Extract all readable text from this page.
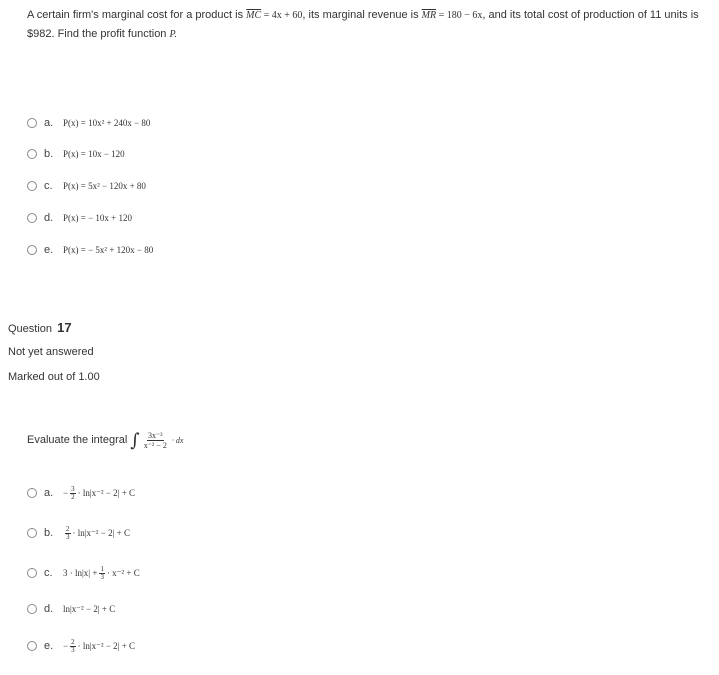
A certain firm's marginal cost for a product is $\overline{MC} = 4x + 60$, its marginal revenue is $\overline{MR} = 180 - 6x$, and its total cost of production of 11 units is $982. Find the profit function P.
a.	P(x) = 10x² + 240x − 80
b.	P(x) = 10x − 120
c.	P(x) = 5x² − 120x + 80
d.	P(x) = − 10x + 120
e.	P(x) = − 5x² + 120x − 80
Question 17
Not yet answered
Marked out of 1.00
Evaluate the integral ∫ $\frac{\text{3x⁻³}}{\text{x⁻² − 2}}$ · dx
a.	− $\frac{3}{2} \cdot \ln|x^{-2} - 2| + C$
b.	$\frac{2}{3} \cdot \ln|x^{-2} - 2| + C$
c.	$3 \cdot \ln|x| + \frac{1}{3} \cdot x^{-2} + C$
d.	ln|x⁻² − 2| + C
e.	− $\frac{2}{3} \cdot \ln|x^{-2} - 2| + C$
